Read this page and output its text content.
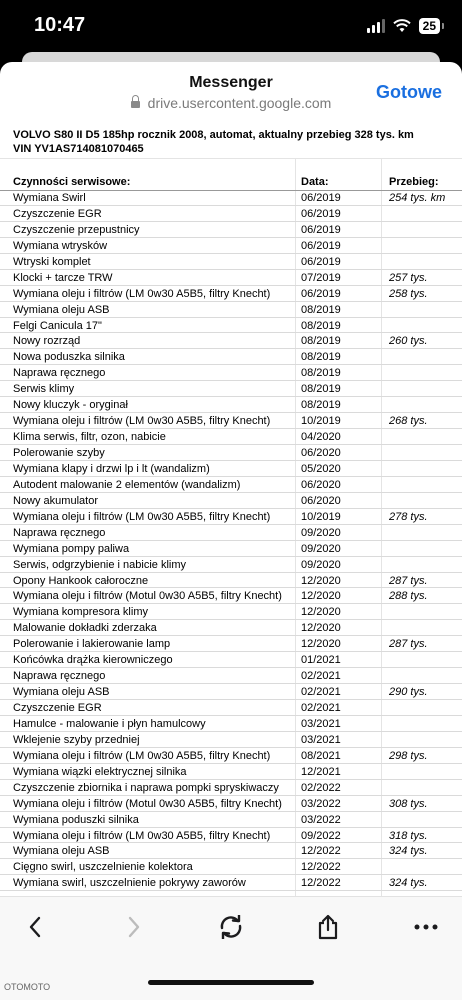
10:47	25
Messenger
drive.usercontent.google.com
Gotowe
VOLVO S80 II D5 185hp rocznik 2008, automat, aktualny przebieg 328 tys. km
VIN YV1AS714081070465
Czynności serwisowe:	Data:	Przebieg:
Wymiana Swirl	06/2019	254 tys. km
Czyszczenie EGR	06/2019
Czyszczenie przepustnicy	06/2019
Wymiana wtrysków	06/2019
Wtryski komplet	06/2019
Klocki + tarcze TRW	07/2019	257 tys.
Wymiana oleju i filtrów (LM 0w30 A5B5, filtry Knecht)	06/2019	258 tys.
Wymiana oleju ASB	08/2019
Felgi Canicula 17"	08/2019
Nowy rozrząd	08/2019	260 tys.
Nowa poduszka silnika	08/2019
Naprawa ręcznego	08/2019
Serwis klimy	08/2019
Nowy kluczyk - oryginał	08/2019
Wymiana oleju i filtrów (LM 0w30 A5B5, filtry Knecht)	10/2019	268 tys.
Klima serwis, filtr, ozon, nabicie	04/2020
Polerowanie szyby	06/2020
Wymiana klapy i drzwi lp i lt (wandalizm)	05/2020
Autodent malowanie 2 elementów (wandalizm)	06/2020
Nowy akumulator	06/2020
Wymiana oleju i filtrów (LM 0w30 A5B5, filtry Knecht)	10/2019	278 tys.
Naprawa ręcznego	09/2020
Wymiana pompy paliwa	09/2020
Serwis, odgrzybienie i nabicie klimy	09/2020
Opony Hankook całoroczne	12/2020	287 tys.
Wymiana oleju i filtrów (Motul 0w30 A5B5, filtry Knecht) 12/2020	288 tys.
Wymiana kompresora klimy	12/2020
Malowanie dokładki zderzaka	12/2020
Polerowanie i lakierowanie lamp	12/2020	287 tys.
Końcówka drążka kierowniczego	01/2021
Naprawa ręcznego	02/2021
Wymiana oleju ASB	02/2021	290 tys.
Czyszczenie EGR	02/2021
Hamulce - malowanie i płyn hamulcowy	03/2021
Wklejenie szyby przedniej	03/2021
Wymiana oleju i filtrów (LM 0w30 A5B5, filtry Knecht)	08/2021	298 tys.
Wymiana wiązki elektrycznej silnika	12/2021
Czyszczenie zbiornika i naprawa pompki spryskiwaczy 02/2022
Wymiana oleju i filtrów (Motul 0w30 A5B5, filtry Knecht) 03/2022	308 tys.
Wymiana poduszki silnika	03/2022
Wymiana oleju i filtrów (LM 0w30 A5B5, filtry Knecht)	09/2022	318 tys.
Wymiana oleju ASB	12/2022	324 tys.
Cięgno swirl, uszczelnienie kolektora	12/2022
Wymiana swirl, uszczelnienie pokrywy zaworów	12/2022	324 tys.
OTOMOTO
